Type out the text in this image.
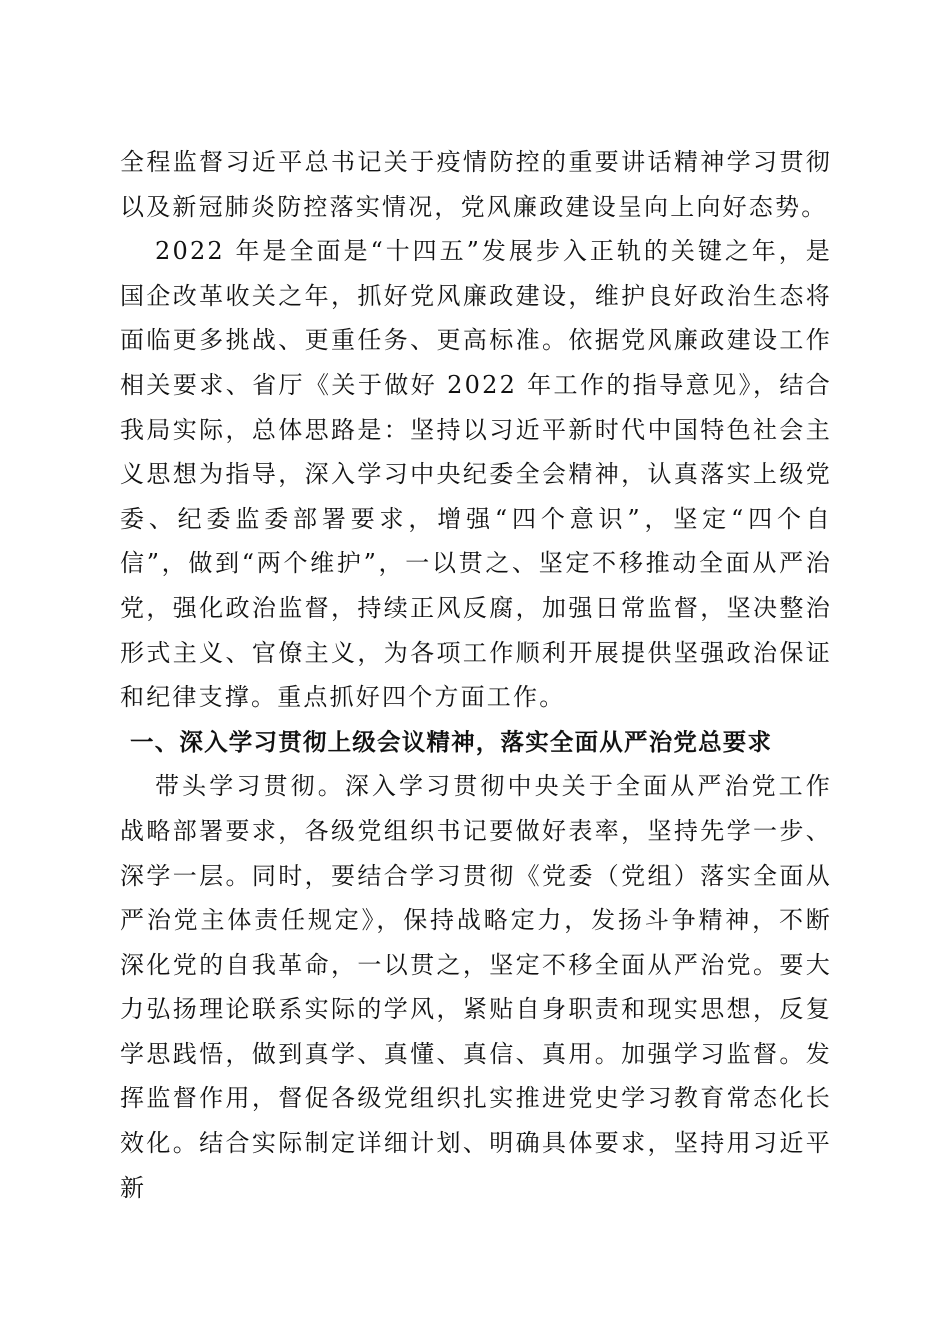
全程监督习近平总书记关于疫情防控的重要讲话精神学习贯彻以及新冠肺炎防控落实情况，党风廉政建设呈向上向好态势。

2022 年是全面是“十四五”发展步入正轨的关键之年，是国企改革收关之年，抓好党风廉政建设，维护良好政治生态将面临更多挑战、更重任务、更高标准。依据党风廉政建设工作相关要求、省厅《关于做好 2022 年工作的指导意见》，结合我局实际，总体思路是：坚持以习近平新时代中国特色社会主义思想为指导，深入学习中央纪委全会精神，认真落实上级党委、纪委监委部署要求，增强“四个意识”，坚定“四个自信”，做到“两个维护”，一以贯之、坚定不移推动全面从严治党，强化政治监督，持续正风反腐，加强日常监督，坚决整治形式主义、官僚主义，为各项工作顺利开展提供坚强政治保证和纪律支撑。重点抓好四个方面工作。

一、深入学习贯彻上级会议精神，落实全面从严治党总要求

带头学习贯彻。深入学习贯彻中央关于全面从严治党工作战略部署要求，各级党组织书记要做好表率，坚持先学一步、深学一层。同时，要结合学习贯彻《党委（党组）落实全面从严治党主体责任规定》，保持战略定力，发扬斗争精神，不断深化党的自我革命，一以贯之，坚定不移全面从严治党。要大力弘扬理论联系实际的学风，紧贴自身职责和现实思想，反复学思践悟，做到真学、真懂、真信、真用。加强学习监督。发挥监督作用，督促各级党组织扎实推进党史学习教育常态化长效化。结合实际制定详细计划、明确具体要求，坚持用习近平新
